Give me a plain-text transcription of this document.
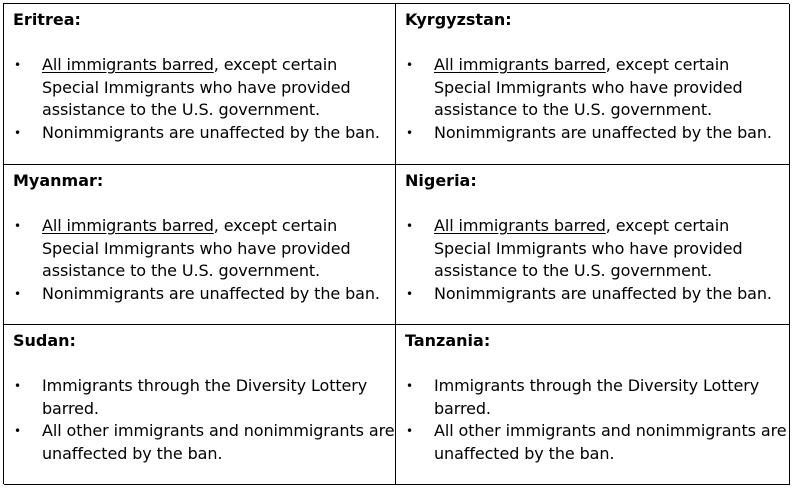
Eritrea:
• All immigrants barred, except certain Special Immigrants who have provided assistance to the U.S. government.
• Nonimmigrants are unaffected by the ban.
Kyrgyzstan:
• All immigrants barred, except certain Special Immigrants who have provided assistance to the U.S. government.
• Nonimmigrants are unaffected by the ban.
Myanmar:
• All immigrants barred, except certain Special Immigrants who have provided assistance to the U.S. government.
• Nonimmigrants are unaffected by the ban.
Nigeria:
• All immigrants barred, except certain Special Immigrants who have provided assistance to the U.S. government.
• Nonimmigrants are unaffected by the ban.
Sudan:
• Immigrants through the Diversity Lottery barred.
• All other immigrants and nonimmigrants are unaffected by the ban.
Tanzania:
• Immigrants through the Diversity Lottery barred.
• All other immigrants and nonimmigrants are unaffected by the ban.
